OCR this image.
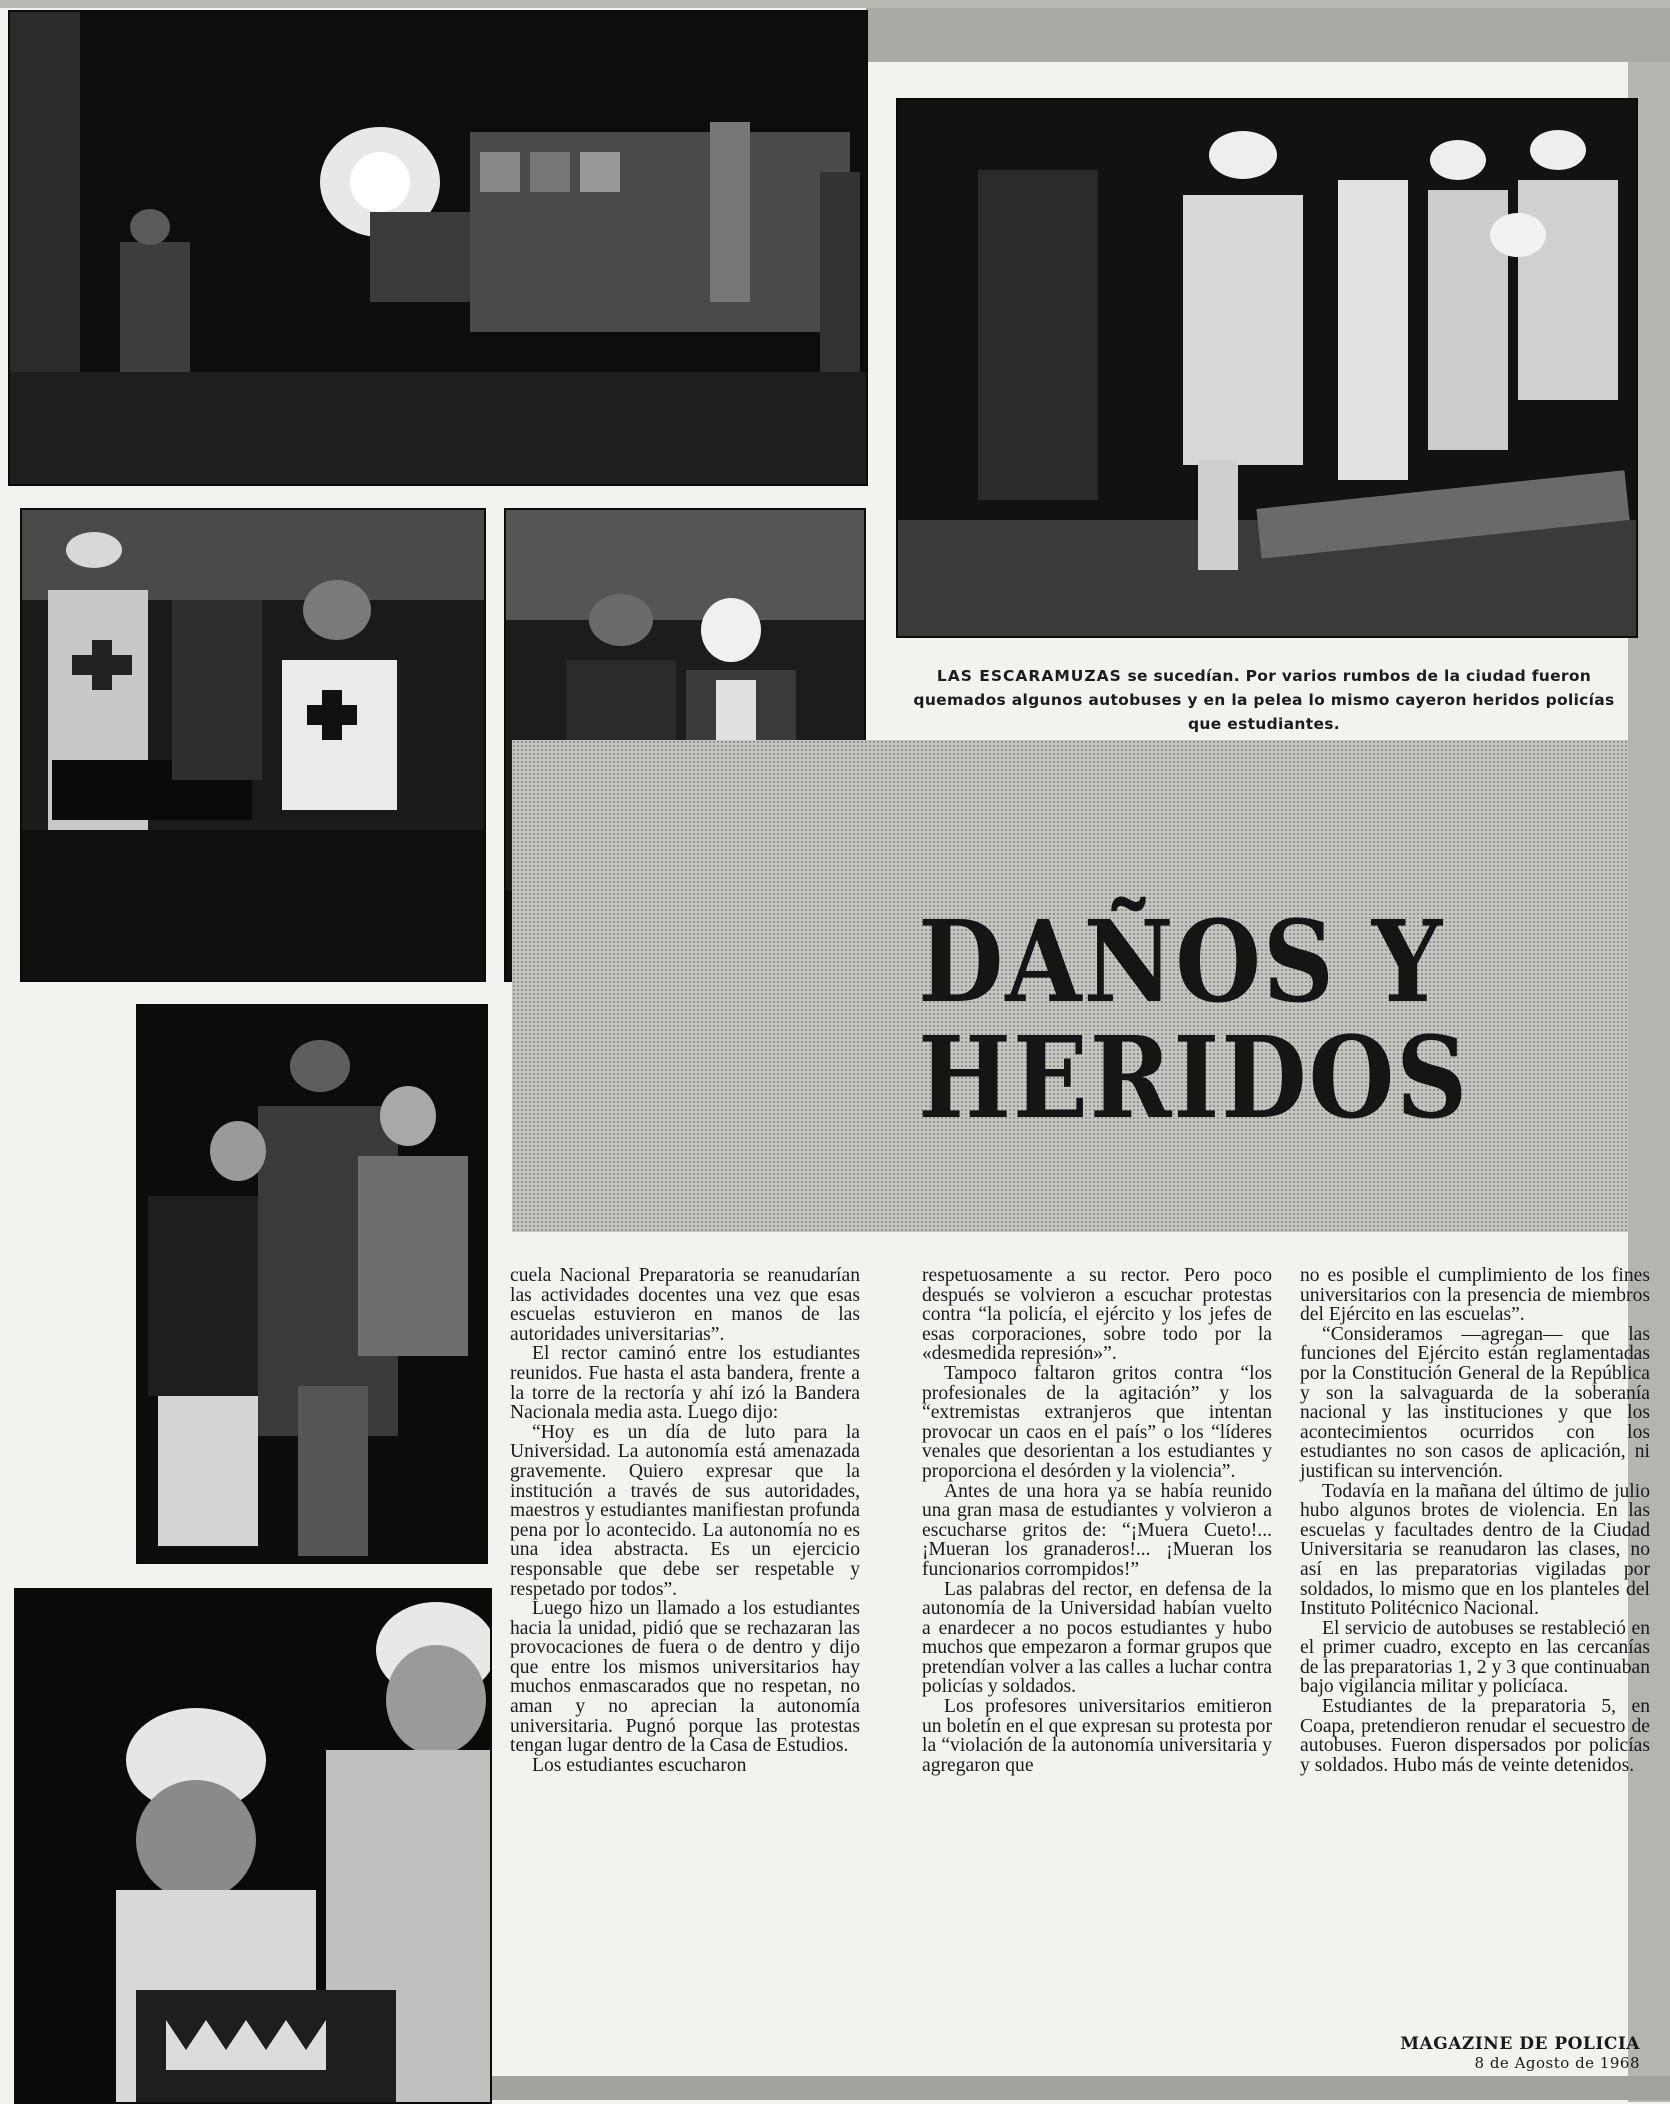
LAS ESCARAMUZAS se sucedían. Por varios rumbos de la ciudad fueron quemados algunos autobuses y en la pelea lo mismo cayeron heridos policías que estudiantes.
DAÑOS Y
HERIDOS

cuela Nacional Preparatoria se reanudarían las actividades docentes una vez que esas escuelas estuvieron en manos de las autoridades universitarias”.

El rector caminó entre los estudiantes reunidos. Fue hasta el asta bandera, frente a la torre de la rectoría y ahí izó la Bandera Nacionala media asta. Luego dijo:

“Hoy es un día de luto para la Universidad. La autonomía está amenazada gravemente. Quiero expresar que la institución a través de sus autoridades, maestros y estudiantes manifiestan profunda pena por lo acontecido. La autonomía no es una idea abstracta. Es un ejercicio responsable que debe ser respetable y respetado por todos”.

Luego hizo un llamado a los estudiantes hacia la unidad, pidió que se rechazaran las provocaciones de fuera o de dentro y dijo que entre los mismos universitarios hay muchos enmascarados que no respetan, no aman y no aprecian la autonomía universitaria. Pugnó porque las protestas tengan lugar dentro de la Casa de Estudios.

Los estudiantes escucharon

respetuosamente a su rector. Pero poco después se volvieron a escuchar protestas contra “la policía, el ejército y los jefes de esas corporaciones, sobre todo por la «desmedida represión»”.

Tampoco faltaron gritos contra “los profesionales de la agitación” y los “extremistas extranjeros que intentan provocar un caos en el país” o los “líderes venales que desorientan a los estudiantes y proporciona el desórden y la violencia”.

Antes de una hora ya se había reunido una gran masa de estudiantes y volvieron a escucharse gritos de: “¡Muera Cueto!... ¡Mueran los granaderos!... ¡Mueran los funcionarios corrompidos!”

Las palabras del rector, en defensa de la autonomía de la Universidad habían vuelto a enardecer a no pocos estudiantes y hubo muchos que empezaron a formar grupos que pretendían volver a las calles a luchar contra policías y soldados.

Los profesores universitarios emitieron un boletín en el que expresan su protesta por la “violación de la autonomía universitaria y agregaron que

no es posible el cumplimiento de los fines universitarios con la presencia de miembros del Ejército en las escuelas”.

“Consideramos —agregan— que las funciones del Ejército están reglamentadas por la Constitución General de la República y son la salvaguarda de la soberanía nacional y las instituciones y que los acontecimientos ocurridos con los estudiantes no son casos de aplicación, ni justifican su intervención.

Todavía en la mañana del último de julio hubo algunos brotes de violencia. En las escuelas y facultades dentro de la Ciudad Universitaria se reanudaron las clases, no así en las preparatorias vigiladas por soldados, lo mismo que en los planteles del Instituto Politécnico Nacional.

El servicio de autobuses se restableció en el primer cuadro, excepto en las cercanías de las preparatorias 1, 2 y 3 que continuaban bajo vigilancia militar y policíaca.

Estudiantes de la preparatoria 5, en Coapa, pretendieron renudar el secuestro de autobuses. Fueron dispersados por policías y soldados. Hubo más de veinte detenidos.

MAGAZINE DE POLICIA
8 de Agosto de 1968
